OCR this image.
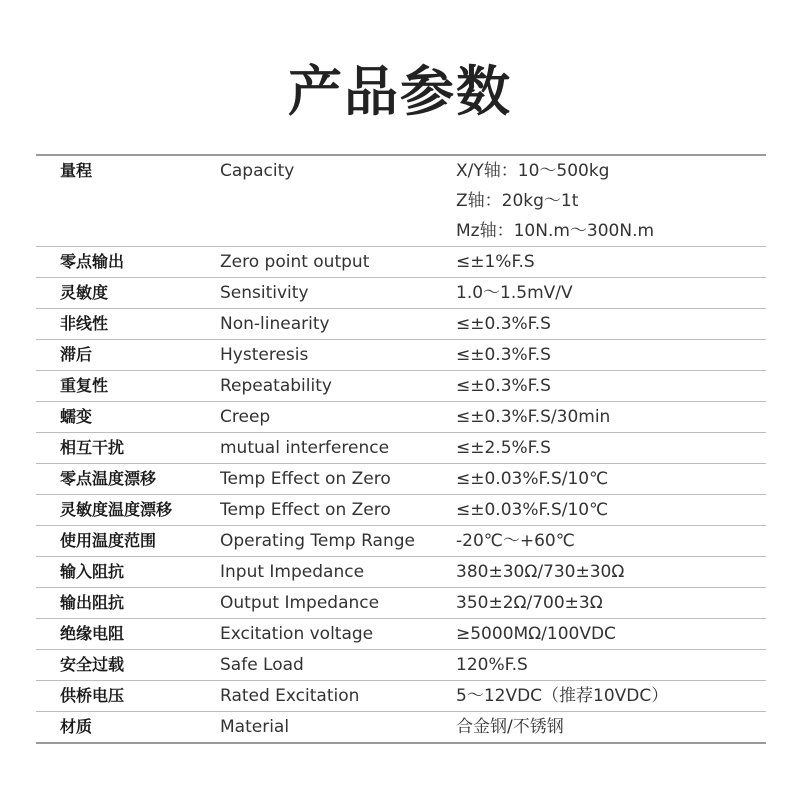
产品参数
量程	Capacity	X/Y轴：10～500kg
Z轴：20kg～1t
Mz轴：10N.m～300N.m
零点输出	Zero point output	≤±1%F.S
灵敏度	Sensitivity	1.0～1.5mV/V
非线性	Non-linearity	≤±0.3%F.S
滞后	Hysteresis	≤±0.3%F.S
重复性	Repeatability	≤±0.3%F.S
蠕变	Creep	≤±0.3%F.S/30min
相互干扰	mutual interference	≤±2.5%F.S
零点温度漂移	Temp Effect on Zero	≤±0.03%F.S/10℃
灵敏度温度漂移	Temp Effect on Zero	≤±0.03%F.S/10℃
使用温度范围	Operating Temp Range	-20℃～+60℃
输入阻抗	Input Impedance	380±30Ω/730±30Ω
输出阻抗	Output Impedance	350±2Ω/700±3Ω
绝缘电阻	Excitation voltage	≥5000MΩ/100VDC
安全过载	Safe Load	120%F.S
供桥电压	Rated Excitation	5～12VDC（推荐10VDC）
材质	Material	合金钢/不锈钢
